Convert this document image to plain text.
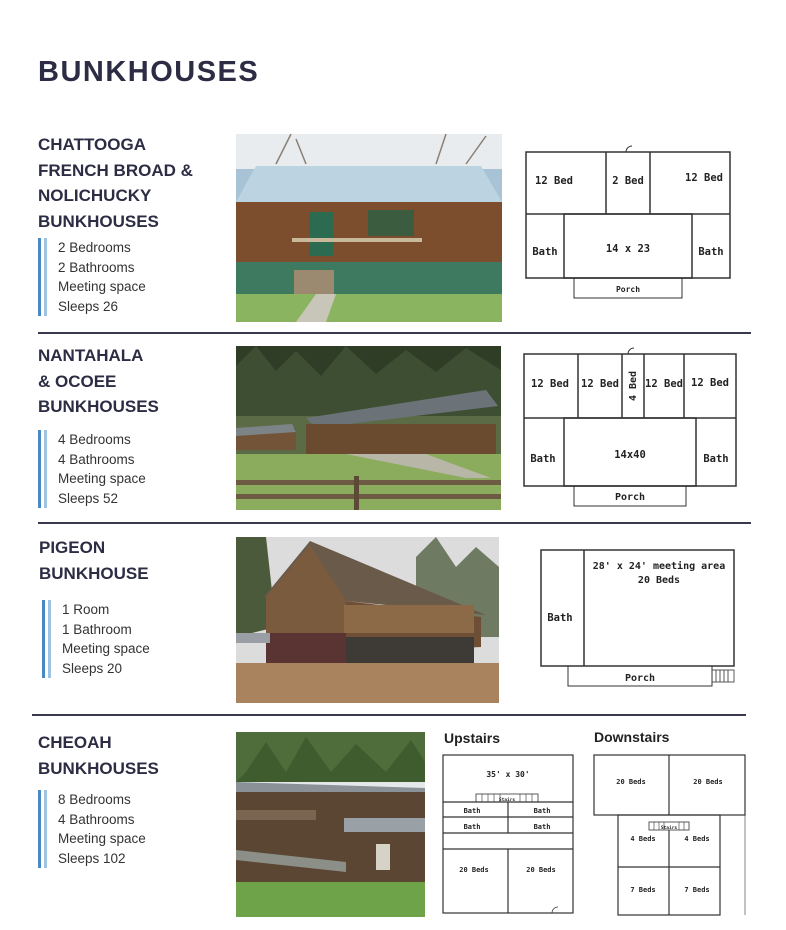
BUNKHOUSES
CHATTOOGA
FRENCH BROAD &
NOLICHUCKY
BUNKHOUSES
2 Bedrooms
2 Bathrooms
Meeting space
Sleeps 26
12 Bed	2 Bed	12 Bed
Bath	14 x 23	Bath
Porch
NANTAHALA
& OCOEE
BUNKHOUSES
4 Bedrooms
4 Bathrooms
Meeting space
Sleeps 52
12 Bed 12 Bed 4 Bed 12 Bed 12 Bed
Bath	14x40	Bath
Porch
PIGEON
BUNKHOUSE
1 Room
1 Bathroom
Meeting space
Sleeps 20
Bath
28' x 24' meeting area
20 Beds
Porch
CHEOAH
BUNKHOUSES
8 Bedrooms
4 Bathrooms
Meeting space
Sleeps 102
Upstairs
35' x 30'
Stairs
Bath	Bath
Bath	Bath
20 Beds	20 Beds
Downstairs
20 Beds	20 Beds
Stairs
4 Beds	4 Beds
7 Beds	7 Beds
